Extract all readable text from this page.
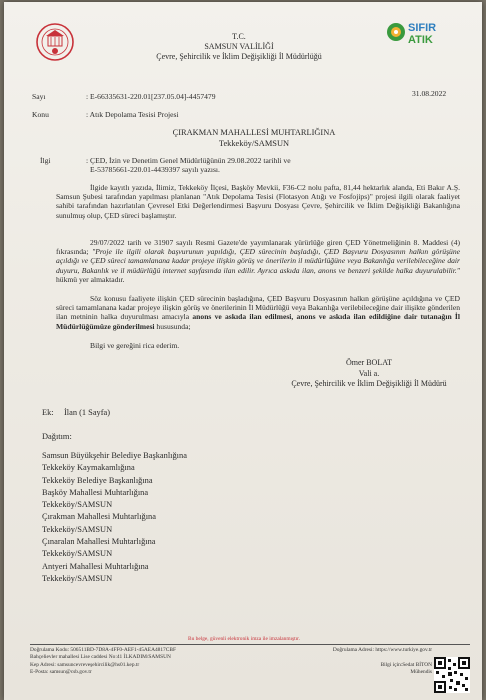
SIFIR
ATIK
T.C.
SAMSUN VALİLİĞİ
Çevre, Şehircilik ve İklim Değişikliği İl Müdürlüğü
Sayı	: E-66335631-220.01[237.05.04]-4457479	31.08.2022
Konu	: Atık Depolama Tesisi Projesi
ÇIRAKMAN MAHALLESİ MUHTARLIĞINA
Tekkeköy/SAMSUN
İlgi	: ÇED, İzin ve Denetim Genel Müdürlüğünün 29.08.2022 tarihli ve
E-53785661-220.01-4439397 sayılı yazısı.
İlgide kayıtlı yazıda, İlimiz, Tekkeköy İlçesi, Başköy Mevkii, F36-C2 nolu pafta, 81,44 hektarlık alanda, Eti Bakır A.Ş. Samsun Şubesi tarafından yapılması planlanan "Atık Depolama Tesisi (Flotasyon Atığı ve Fosfojips)" projesi ilgili olarak faaliyet sahibi tarafından hazırlatılan Çevresel Etki Değerlendirmesi Başvuru Dosyası Çevre, Şehircilik ve İklim Değişikliği Bakanlığına sunulmuş olup, ÇED süreci başlamıştır.
29/07/2022 tarih ve 31907 sayılı Resmi Gazete'de yayımlanarak yürürlüğe giren ÇED Yönetmeliğinin 8. Maddesi (4) fıkrasında; "Proje ile ilgili olarak başvurunun yapıldığı, ÇED sürecinin başladığı, ÇED Başvuru Dosyasının halkın görüşüne açıldığı ve ÇED süreci tamamlanana kadar projeye ilişkin görüş ve önerilerin il müdürlüğüne veya Bakanlığa verilebileceğine dair duyuru, Bakanlık ve il müdürlüğü internet sayfasında ilan edilir. Ayrıca askıda ilan, anons ve benzeri şekilde halka duyurulabilir." hükmü yer almaktadır.
Söz konusu faaliyete ilişkin ÇED sürecinin başladığına, ÇED Başvuru Dosyasının halkın görüşüne açıldığına ve ÇED süreci tamamlanana kadar projeye ilişkin görüş ve önerilerinin İl Müdürlüğü veya Bakanlığa verilebileceğine dair ilişikte gönderilen ilan metninin halka duyurulması amacıyla anons ve askıda ilan edilmesi, anons ve askıda ilan edildiğine dair tutanağın İl Müdürlüğümüze gönderilmesi hususunda;
Bilgi ve gereğini rica ederim.
Ömer BOLAT
Vali a.
Çevre, Şehircilik ve İklim Değişikliği İl Müdürü
Ek: İlan (1 Sayfa)
Dağıtım:
Samsun Büyükşehir Belediye Başkanlığına
Tekkeköy Kaymakamlığına
Tekkeköy Belediye Başkanlığına
Başköy Mahallesi Muhtarlığına
Tekkeköy/SAMSUN
Çırakman Mahallesi Muhtarlığına
Tekkeköy/SAMSUN
Çınaralan Mahallesi Muhtarlığına
Tekkeköy/SAMSUN
Antyeri Mahallesi Muhtarlığına
Tekkeköy/SAMSUN
Bu belge, güvenli elektronik imza ile imzalanmıştır.
Doğrulama Kodu: 506511BD-7D8A-4FF0-AEF1-45AEA4817CBF
Bahçelievler mahallesi Lise caddesi No:41 İLKADIM/SAMSUN
Kep Adresi: samsuncevreveşehircilik@hs01.kep.tr
E-Posta: samsun@csb.gov.tr
Doğrulama Adresi: https://www.turkiye.gov.tr

Bilgi için:Sedat BİTON
Mühendis
